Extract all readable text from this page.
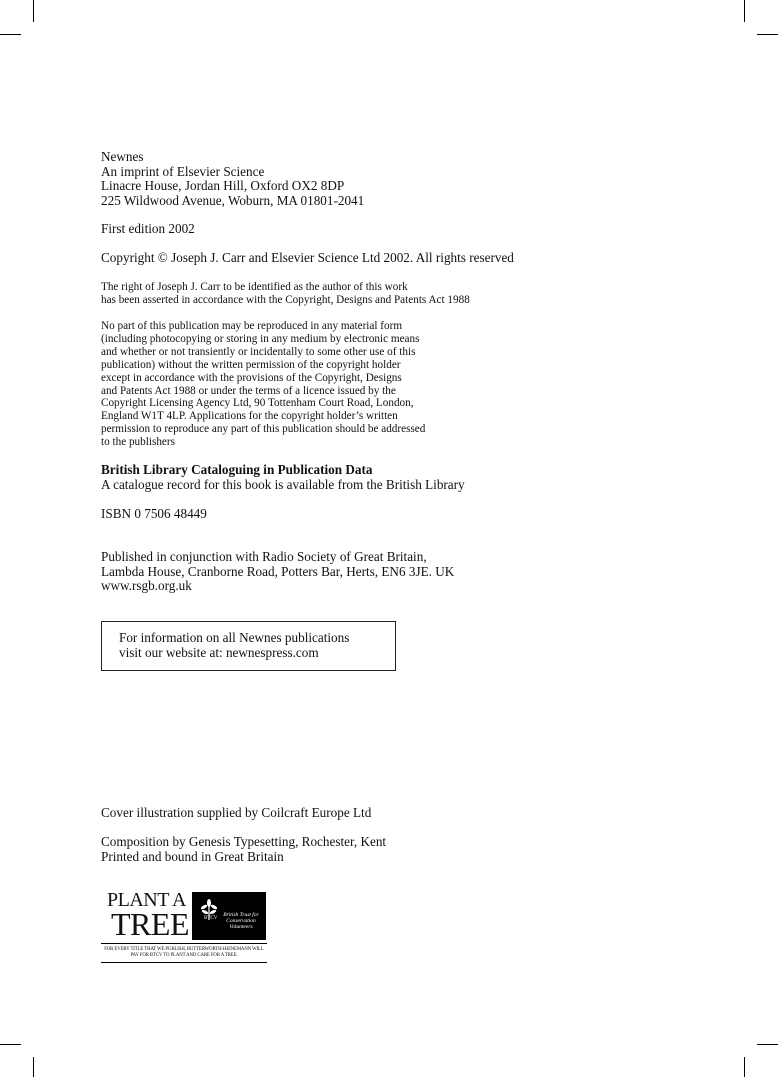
Newnes
An imprint of Elsevier Science
Linacre House, Jordan Hill, Oxford OX2 8DP
225 Wildwood Avenue, Woburn, MA 01801-2041
First edition 2002
Copyright © Joseph J. Carr and Elsevier Science Ltd 2002. All rights reserved
The right of Joseph J. Carr to be identified as the author of this work
has been asserted in accordance with the Copyright, Designs and Patents Act 1988
No part of this publication may be reproduced in any material form
(including photocopying or storing in any medium by electronic means
and whether or not transiently or incidentally to some other use of this
publication) without the written permission of the copyright holder
except in accordance with the provisions of the Copyright, Designs
and Patents Act 1988 or under the terms of a licence issued by the
Copyright Licensing Agency Ltd, 90 Tottenham Court Road, London,
England W1T 4LP. Applications for the copyright holder’s written
permission to reproduce any part of this publication should be addressed
to the publishers
British Library Cataloguing in Publication Data
A catalogue record for this book is available from the British Library
ISBN 0 7506 48449
Published in conjunction with Radio Society of Great Britain,
Lambda House, Cranborne Road, Potters Bar, Herts, EN6 3JE. UK
www.rsgb.org.uk
For information on all Newnes publications
visit our website at: newnespress.com
Cover illustration supplied by Coilcraft Europe Ltd
Composition by Genesis Typesetting, Rochester, Kent
Printed and bound in Great Britain
PLANT A
TREE	BTCV
British Trust for Conservation Volunteers
FOR EVERY TITLE THAT WE PUBLISH, BUTTERWORTH-HEINEMANN WILL PAY FOR BTCV TO PLANT AND CARE FOR A TREE.
